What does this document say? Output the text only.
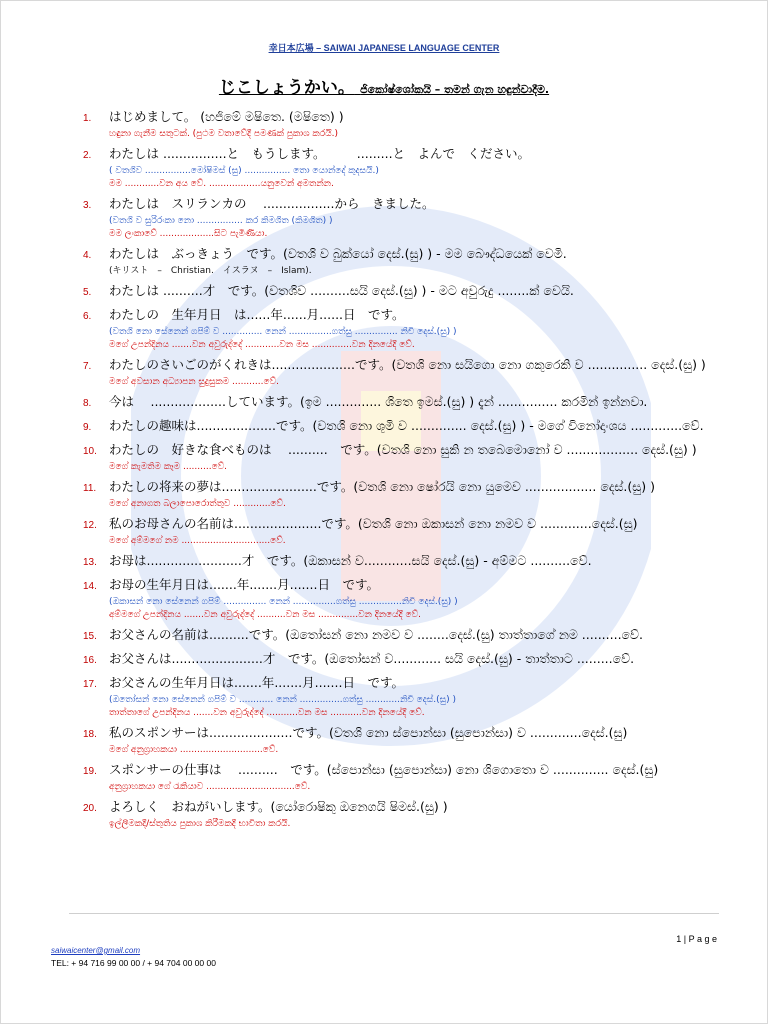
幸日本広場 – SAIWAI JAPANESE LANGUAGE CENTER
じこしょうかい。 ජිකෝෂ්ශෝකයි – තමන් ගැන හඳුන්වාදීම.
1.	はじめまして。 (හජිමේ මෂිතෙ. (මෂිතෙ) )
හඳුනා ගැනීම සතුටක්. (පුථම වතාවේදී පමණක් පුකාශ කරයි.)
2.	わたしは ................と　もうします。　　　.........と　よんで　ください。
( වතශිව ................මෝෂිමස් (සු) ................ තො යොන්දේ කුදසයි.)
මම ............වන අය වේ. ..................යනුවෙන් අමතන්න.
3.	わたしは　スリランカの　 ..................から　きました。
(වතශි ව සුරිරංකා නො ................ කර කිමශිත (කිමශිත) )
මම ලංකාවේ ...................සිට පැමිණියා.
4.	わたしは　ぶっきょう　です。(වතශි ව බුක්යෝ දෙස්.(සු) ) - මම බෞද්ධයෙක් වෙමි.
(キリスト　–　Christian.　イスラヌ　–　Islam).
5.	わたしは ..........才　です。(වතශිව ..........සයි දෙස්.(සු) ) - මට අවුරුදු ........ක් වෙයි.
6.	わたしの　生年月日　は......年......月......日　です。
(වතශි නො සේනෙන් ගපිම් ව .............. නෙන් ...............ගත්සු ............... නිචි දෙස්.(සු) )
මගේ උපන්දිනය .......වන අවුරුද්දේ ............වන මස ..............වන දිනයේදී වේ.
7.	わたしのさいごのがくれきは.....................です。(වතශි නො සයිගො නො ගකුරෙකි ව ............... දෙස්.(සු) )
මගේ අවසාන අධ්‍යාපන සුදුසුකම ...........වේ.
8.	今は　 ...................しています。(ඉම .............. ශිතෙ ඉමස්.(සු) ) දැන් ............... කරමින් ඉන්නවා.
9.	わたしの趣味は....................です。(වතශි නො ශුමි ව .............. දෙස්.(සු) ) - මගේ විනෝදාංශය .............වේ.
10. わたしの　好きな食べものは　 ..........　です。(වතශි නො සුකි න තබෙමොනෝ ව .................. දෙස්.(සු) )
මගේ කැමතිම කෑම ..........වේ.
11.	わたしの将来の夢は........................です。(වතශි නො ෂෝරයි නො යුමෙව .................. දෙස්.(සු) )
මගේ අනාගත බලාපොරොත්තුව .............වේ.
12. 私のお母さんの名前は......................です。(වතශි නො ඔකාසන් නො නමව ව .............දෙස්.(සු)
මගේ අම්මගේ නම ...............................වේ.
13. お母は........................才　です。(ඔකාසන් ව............සයි දෙස්.(සු) - අම්මට ..........වේ.
14. お母の生年月日は.......年.......月.......日　です。
(ඔකාසන් නො සේනෙන් ගපිම් ............... නෙන් ...............ගත්සු ...............නිචි දෙස්.(සු) )
අම්මගේ උපන්දිනය .......වන අවුරුද්දේ ..........වන මස ..............වන දිනයේදී වේ.
15. お父さんの名前は..........です。(ඔතෝසන් නො නමව ව ........දෙස්.(සු) තාත්තාගේ නම ..........වේ.
16. お父さんは.......................才　です。(ඔතෝසන් ව............ සයි දෙස්.(සු) - තාත්තාට .........වේ.
17. お父さんの生年月日は.......年.......月.......日　です。
(ඔතෝසන් නො සේනෙන් ගපිම් ව ............ නෙන් ...............ගත්සු ............නිචි දෙස්.(සු) )
තාත්තාගේ උපන්දිනය .......වන අවුරුද්දේ ...........වන මස ...........වන දිනයේදී වේ.
18. 私のスポンサーは.....................です。(වතශි නො ස්පොන්සා (සුපොන්සා) ව .............දෙස්.(සු)
මගේ අනුග්‍රාහකයා .............................වේ.
19. スポンサーの仕事は　 ..........　です。(ස්පොන්සා (සුපොන්සා) නො ශිගොතො ව .............. දෙස්.(සු)
අනුග්‍රාහකයා ගේ රැකියාව ...............................වේ.
20. よろしく　おねがいします。(යෝරොෂිකු ඔනෙගයි ෂිමස්.(සු) )
ඉල්ලීමකදී/ස්තුතිය පුකාශ කිරීමකදී භාවිතා කරයි.
1 | P a g e
saiwaicenter@gmail.com
TEL: + 94 716 99 00 00 / + 94 704 00 00 00
